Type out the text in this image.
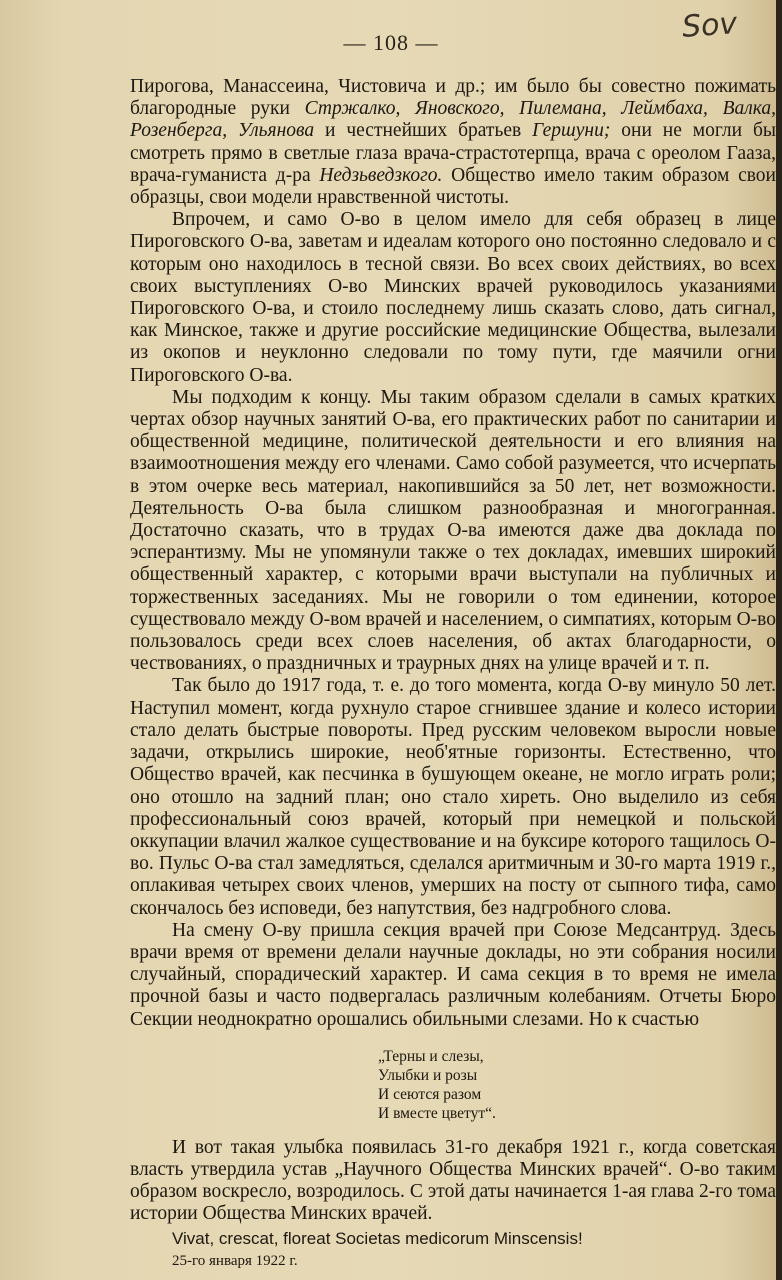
Sov
— 108 —

Пирогова, Манассеина, Чистовича и др.; им было бы совестно пожимать благородные руки Стржалко, Яновского, Пилемана, Леймбаха, Валка, Розенберга, Ульянова и честнейших братьев Гершуни; они не могли бы смотреть прямо в светлые глаза врача-страстотерпца, врача с ореолом Гааза, врача-гуманиста д-ра Недзьведзкого. Общество имело таким образом свои образцы, свои модели нравственной чистоты.

Впрочем, и само О-во в целом имело для себя образец в лице Пироговского О-ва, заветам и идеалам которого оно постоянно следовало и с которым оно находилось в тесной связи. Во всех своих действиях, во всех своих выступлениях О-во Минских врачей руководилось указаниями Пироговского О-ва, и стоило последнему лишь сказать слово, дать сигнал, как Минское, также и другие российские медицинские Общества, вылезали из окопов и неуклонно следовали по тому пути, где маячили огни Пироговского О-ва.

Мы подходим к концу. Мы таким образом сделали в самых кратких чертах обзор научных занятий О-ва, его практических работ по санитарии и общественной медицине, политической деятельности и его влияния на взаимоотношения между его членами. Само собой разумеется, что исчерпать в этом очерке весь материал, накопившийся за 50 лет, нет возможности. Деятельность О-ва была слишком разнообразная и многогранная. Достаточно сказать, что в трудах О-ва имеются даже два доклада по эсперантизму. Мы не упомянули также о тех докладах, имевших широкий общественный характер, с которыми врачи выступали на публичных и торжественных заседаниях. Мы не говорили о том единении, которое существовало между О-вом врачей и населением, о симпатиях, которым О-во пользовалось среди всех слоев населения, об актах благодарности, о чествованиях, о праздничных и траурных днях на улице врачей и т. п.

Так было до 1917 года, т. е. до того момента, когда О-ву минуло 50 лет. Наступил момент, когда рухнуло старое сгнившее здание и колесо истории стало делать быстрые повороты. Пред русским человеком выросли новые задачи, открылись широкие, необ'ятные горизонты. Естественно, что Общество врачей, как песчинка в бушующем океане, не могло играть роли; оно отошло на задний план; оно стало хиреть. Оно выделило из себя профессиональный союз врачей, который при немецкой и польской оккупации влачил жалкое существование и на буксире которого тащилось О-во. Пульс О-ва стал замедляться, сделался аритмичным и 30-го марта 1919 г., оплакивая четырех своих членов, умерших на посту от сыпного тифа, само скончалось без исповеди, без напутствия, без надгробного слова.

На смену О-ву пришла секция врачей при Союзе Медсантруд. Здесь врачи время от времени делали научные доклады, но эти собрания носили случайный, спорадический характер. И сама секция в то время не имела прочной базы и часто подвергалась различным колебаниям. Отчеты Бюро Секции неоднократно орошались обильными слезами. Но к счастью

„Терны и слезы,
Улыбки и розы
И сеются разом
И вместе цветут“.

И вот такая улыбка появилась 31-го декабря 1921 г., когда советская власть утвердила устав „Научного Общества Минских врачей“. О-во таким образом воскресло, возродилось. С этой даты начинается 1-ая глава 2-го тома истории Общества Минских врачей.

Vivat, crescat, floreat Societas medicorum Minscensis!
25-го января 1922 г.
